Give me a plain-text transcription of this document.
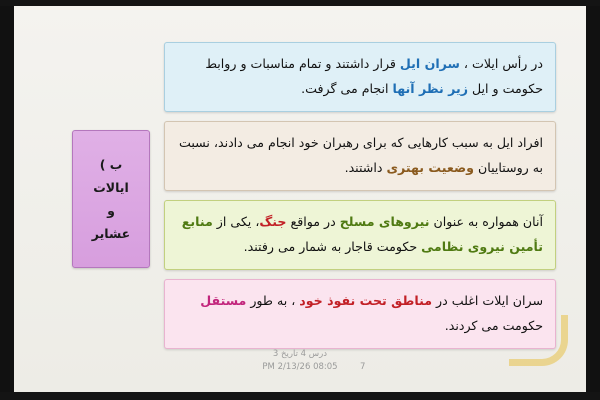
ب )
ایالات
و
عشایر
در رأس ایلات ، سران ایل قرار داشتند و تمام مناسبات و روابط حکومت و ایل زیر نظر آنها انجام می گرفت.
افراد ایل به سبب کارهایی که برای رهبران خود انجام می دادند، نسبت به روستاییان وضعیت بهتری داشتند.
آنان همواره به عنوان نیروهای مسلح در مواقع جنگ، یکی از منابع تأمین نیروی نظامی حکومت قاجار به شمار می رفتند.
سران ایلات اغلب در مناطق تحت نفوذ خود ، به طور مستقل حکومت می کردند.
درس 4 تاریخ 3
08:05 PM 2/13/26	7
